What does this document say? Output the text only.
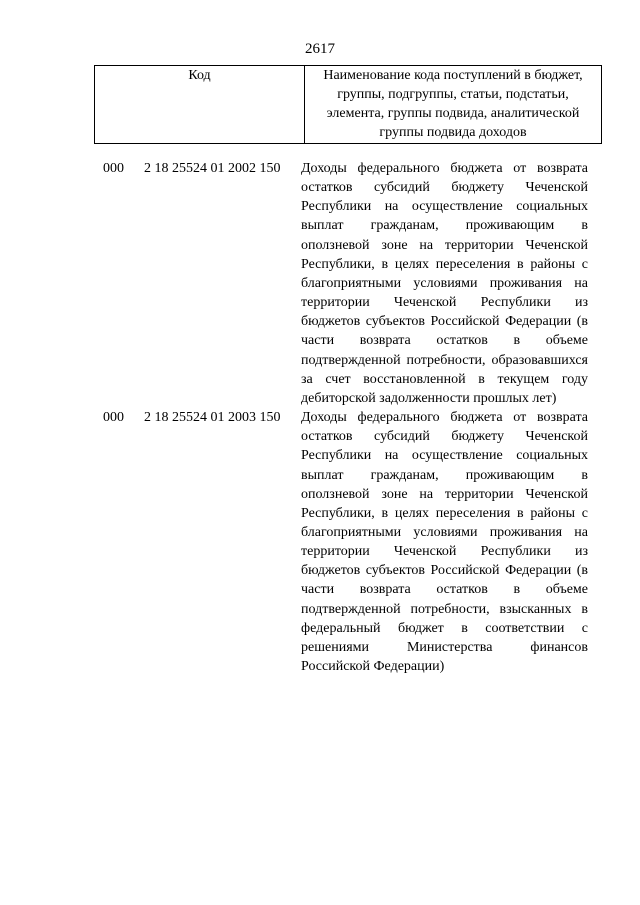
2617
Код	Наименование кода поступлений в бюджет, группы, подгруппы, статьи, подстатьи, элемента, группы подвида, аналитической группы подвида доходов
000 2 18 25524 01 2002 150 Доходы федерального бюджета от возврата остатков субсидий бюджету Чеченской Республики на осуществление социальных выплат гражданам, проживающим в оползневой зоне на территории Чеченской Республики, в целях переселения в районы с благоприятными условиями проживания на территории Чеченской Республики из бюджетов субъектов Российской Федерации (в части возврата остатков в объеме подтвержденной потребности, образовавшихся за счет восстановленной в текущем году дебиторской задолженности прошлых лет)
000 2 18 25524 01 2003 150 Доходы федерального бюджета от возврата остатков субсидий бюджету Чеченской Республики на осуществление социальных выплат гражданам, проживающим в оползневой зоне на территории Чеченской Республики, в целях переселения в районы с благоприятными условиями проживания на территории Чеченской Республики из бюджетов субъектов Российской Федерации (в части возврата остатков в объеме подтвержденной потребности, взысканных в федеральный бюджет в соответствии с решениями Министерства финансов Российской Федерации)
